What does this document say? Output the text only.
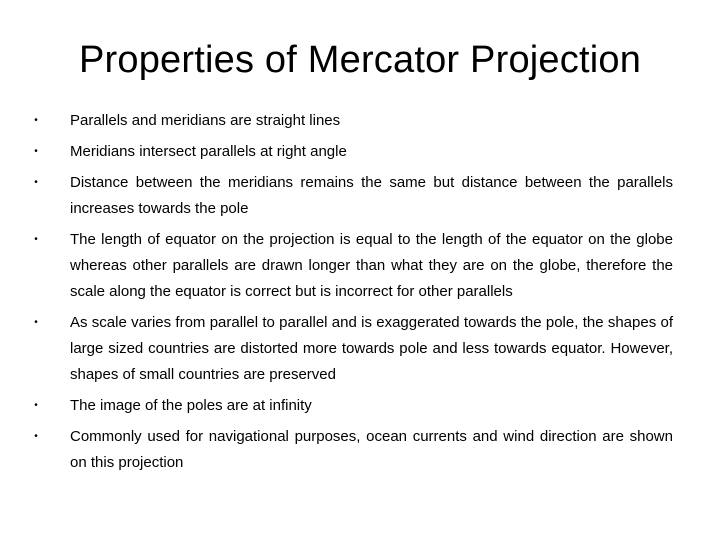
Properties of Mercator Projection
• Parallels and meridians are straight lines
• Meridians intersect parallels at right angle
• Distance between the meridians remains the same but distance between the parallels increases towards the pole
• The length of equator on the projection is equal to the length of the equator on the globe whereas other parallels are drawn longer than what they are on the globe, therefore the scale along the equator is correct but is incorrect for other parallels
• As scale varies from parallel to parallel and is exaggerated towards the pole, the shapes of large sized countries are distorted more towards pole and less towards equator. However, shapes of small countries are preserved
• The image of the poles are at infinity
• Commonly used for navigational purposes, ocean currents and wind direction are shown on this projection
